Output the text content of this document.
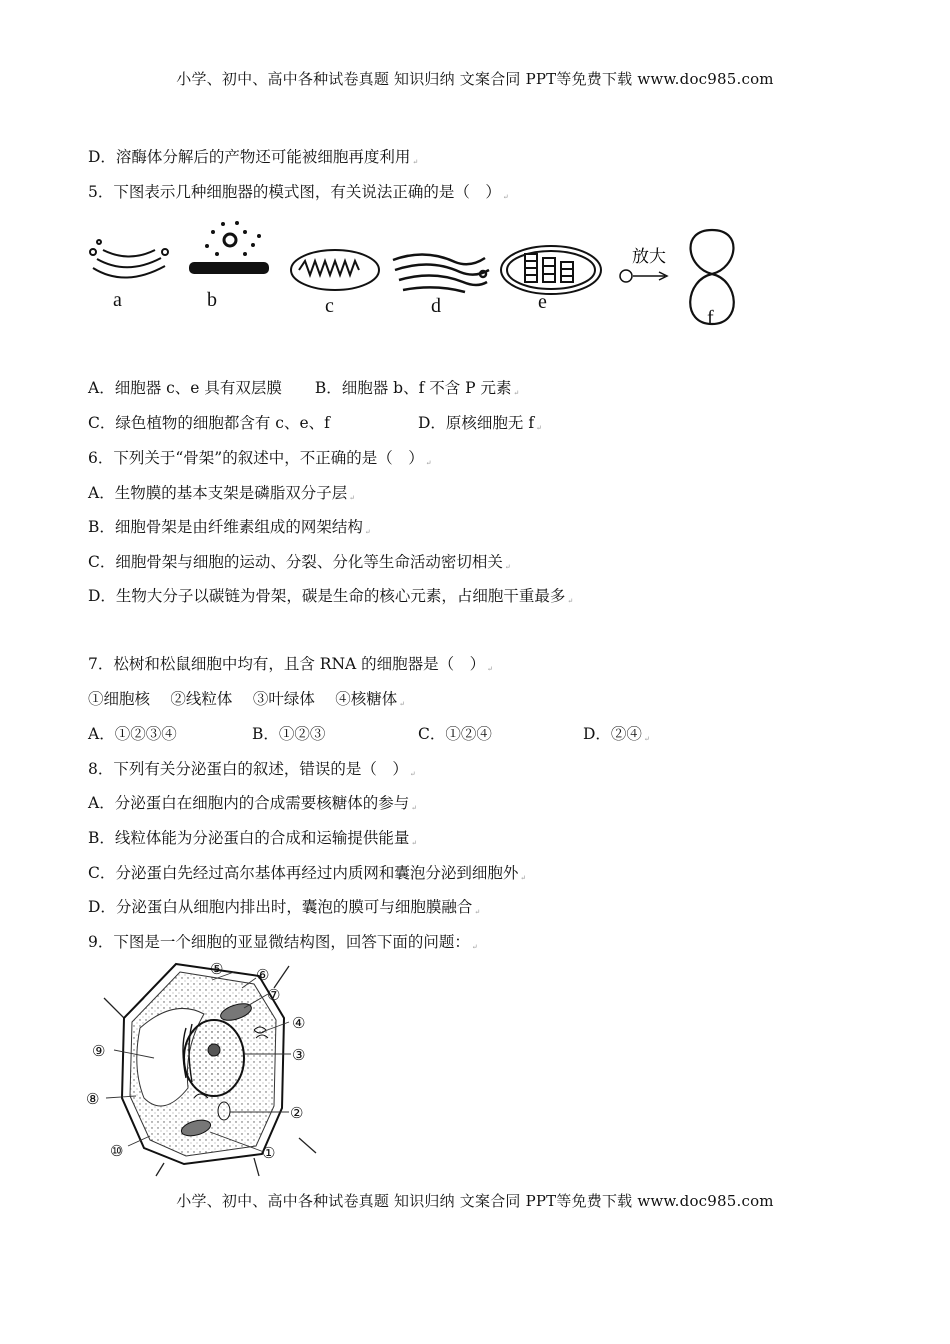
小学、初中、高中各种试卷真题 知识归纳 文案合同 PPT等免费下载 www.doc985.com
D．溶酶体分解后的产物还可能被细胞再度利用 ↵
5．下图表示几种细胞器的模式图，有关说法正确的是（　） ↵
放大
a	b	c	d	e
f
A．细胞器 c、e 具有双层膜 B．细胞器 b、f 不含 P 元素 ↵
C．绿色植物的细胞都含有 c、e、f	D．原核细胞无 f ↵
6．下列关于“骨架”的叙述中，不正确的是（　） ↵
A．生物膜的基本支架是磷脂双分子层 ↵
B．细胞骨架是由纤维素组成的网架结构 ↵
C．细胞骨架与细胞的运动、分裂、分化等生命活动密切相关 ↵
D．生物大分子以碳链为骨架，碳是生命的核心元素，占细胞干重最多 ↵
7．松树和松鼠细胞中均有，且含 RNA 的细胞器是（　） ↵
①细胞核　 ②线粒体　 ③叶绿体　 ④核糖体 ↵
A．①②③④	B．①②③	C．①②④	D．②④ ↵
8．下列有关分泌蛋白的叙述，错误的是（　） ↵
A．分泌蛋白在细胞内的合成需要核糖体的参与 ↵
B．线粒体能为分泌蛋白的合成和运输提供能量 ↵
C．分泌蛋白先经过高尔基体再经过内质网和囊泡分泌到细胞外 ↵
D．分泌蛋白从细胞内排出时，囊泡的膜可与细胞膜融合 ↵
9．下图是一个细胞的亚显微结构图，回答下面的问题： ↵
⑤ ⑥
⑦
④
③
②
①
⑨
⑧
⑩
小学、初中、高中各种试卷真题 知识归纳 文案合同 PPT等免费下载 www.doc985.com
